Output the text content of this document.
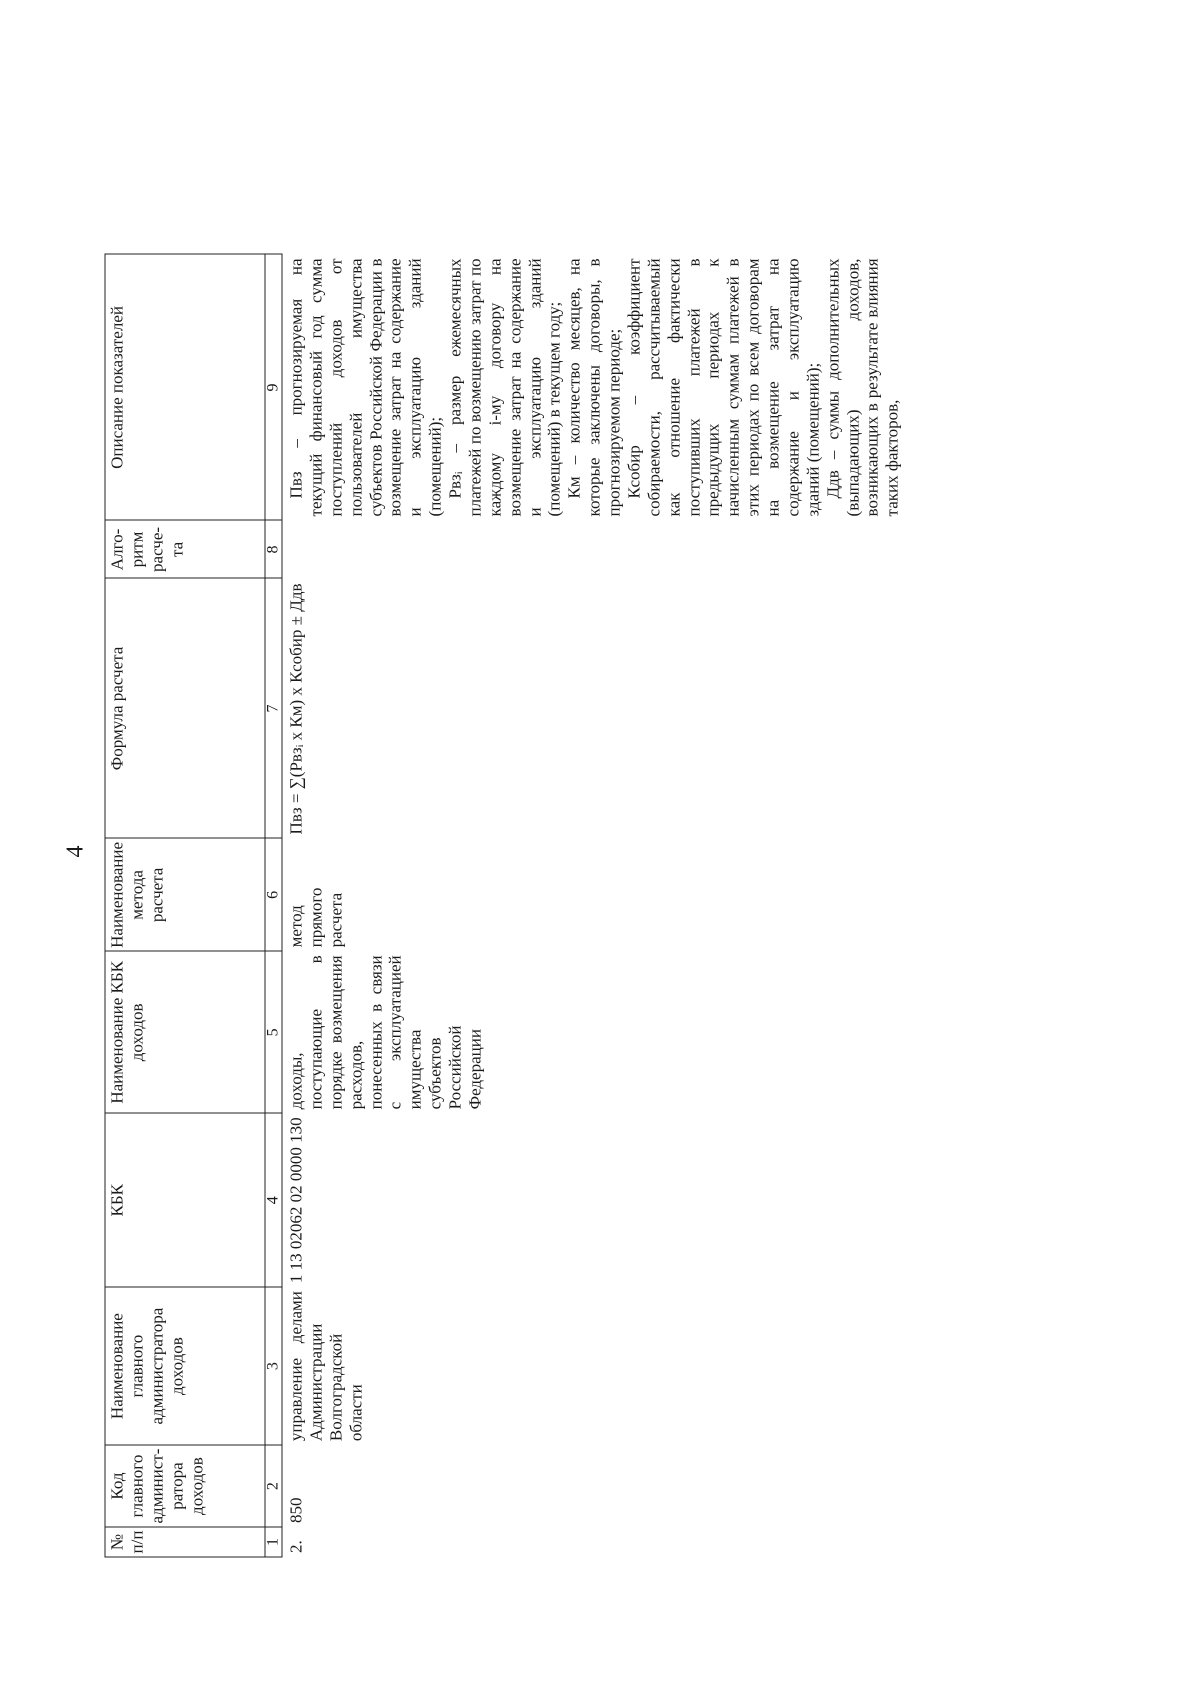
4
№ п/п	Код главного админист-ратора доходов	Наименование главного администратора доходов	КБК	Наименование КБК доходов	Наименование метода расчета	Формула расчета	Алго-ритм расче-та	Описание показателей
1	2	3	4	5	6	7	8	9
2.	850	управление делами Администрации Волгоградской области	1 13 02062 02 0000 130	доходы, поступающие в порядке возмещения расходов, понесенных в связи с эксплуатацией имущества субъектов Российской Федерации	метод прямого расчета	Пвз = ∑(Рвзᵢ x Км) x Ксобир ± Ддв		Пвз – прогнозируемая на текущий финансовый год сумма поступлений доходов от пользователей имущества субъектов Российской Федерации в возмещение затрат на содержание и эксплуатацию зданий (помещений); Рвзᵢ – размер ежемесячных платежей по возмещению затрат по каждому i-му договору на возмещение затрат на содержание и эксплуатацию зданий (помещений) в текущем году; Км – количество месяцев, на которые заключены договоры, в прогнозируемом периоде; Ксобир – коэффициент собираемости, рассчитываемый как отношение фактически поступивших платежей в предыдущих периодах к начисленным суммам платежей в этих периодах по всем договорам на возмещение затрат на содержание и эксплуатацию зданий (помещений); Ддв – суммы дополнительных (выпадающих) доходов, возникающих в результате влияния таких факторов,
